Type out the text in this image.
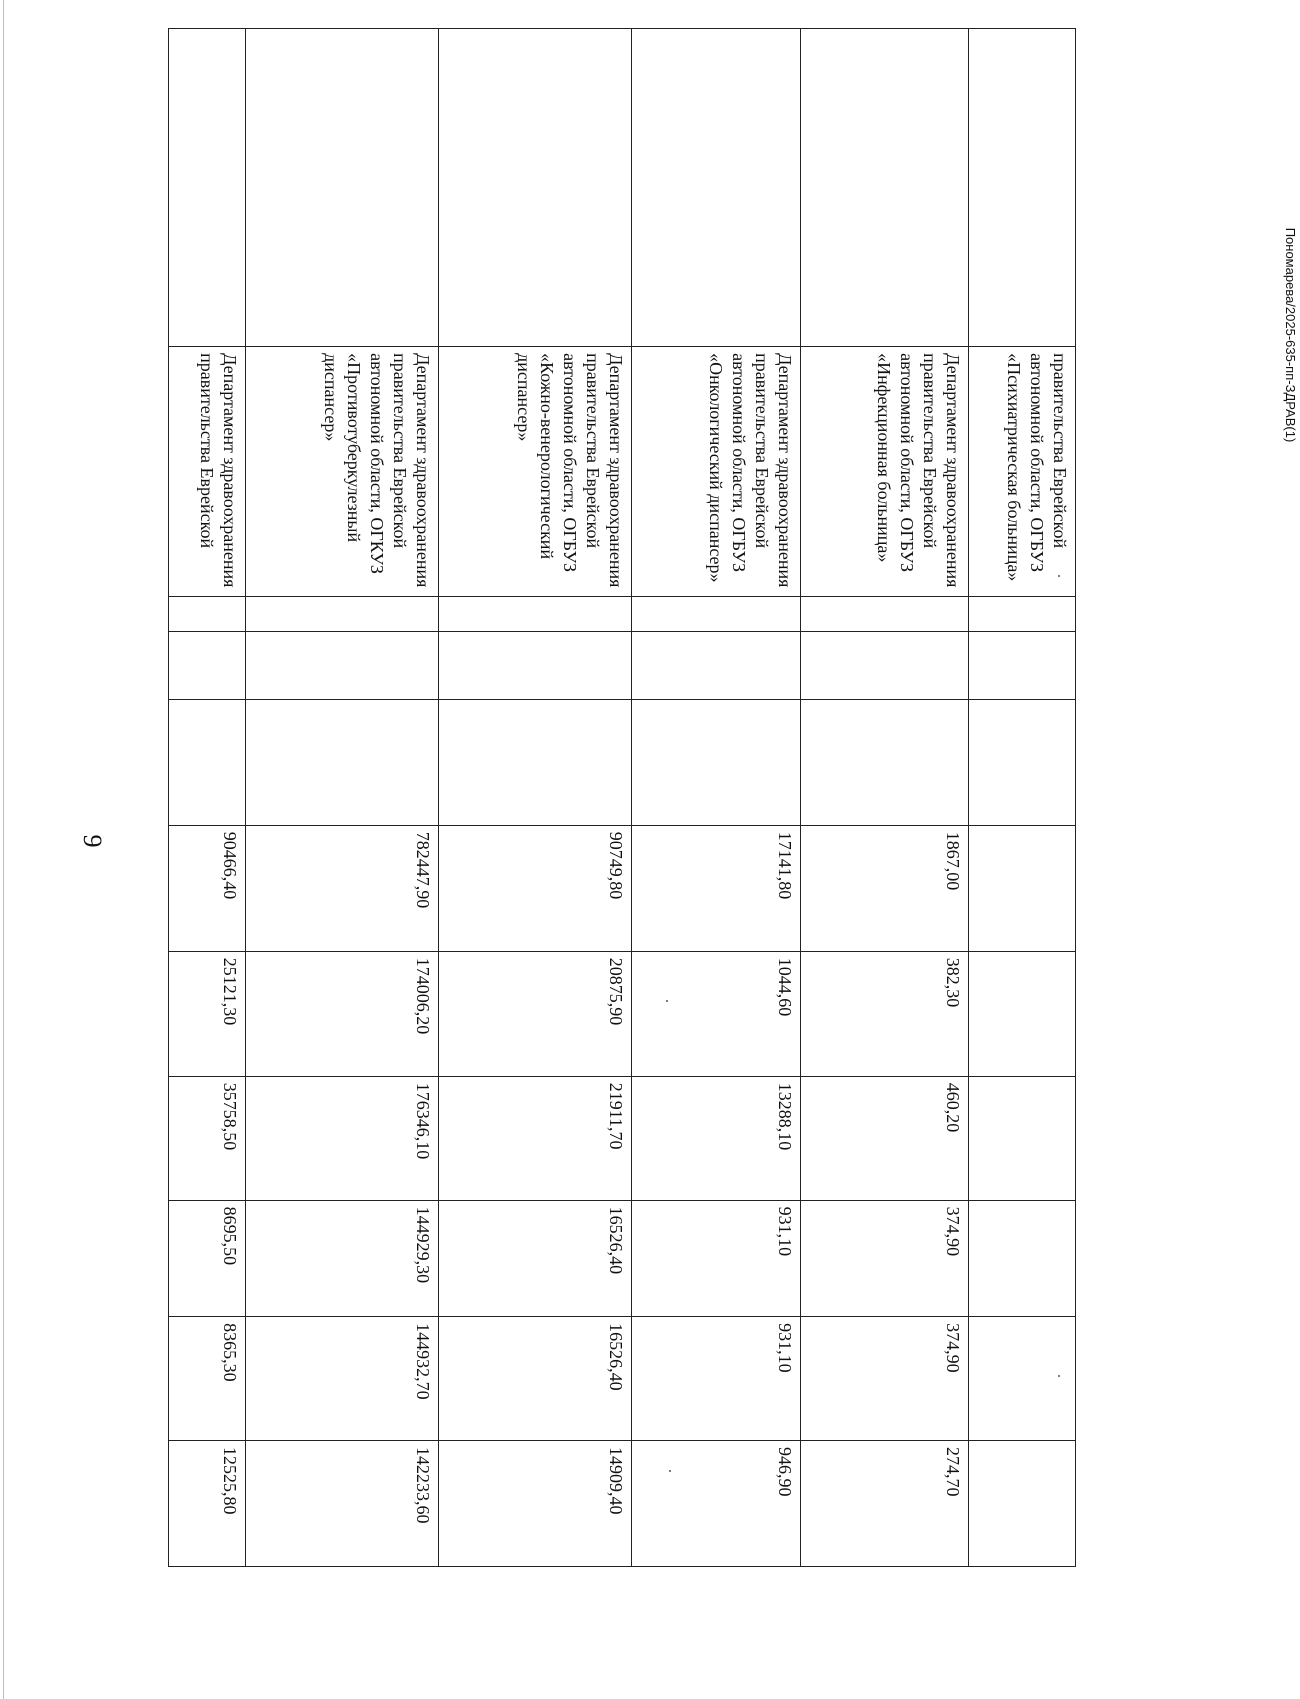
9
Пономарева/2025-635-пп-ЗДРАВ(1)
	правительства Еврейской автономной области, ОГБУЗ «Психиатрическая больница»									
	Департамент здравоохранения правительства Еврейской автономной области, ОГБУЗ «Инфекционная больница»				1867,00	382,30	460,20	374,90	374,90	274,70
	Департамент здравоохранения правительства Еврейской автономной области, ОГБУЗ «Онкологический диспансер»				17141,80	1044,60	13288,10	931,10	931,10	946,90
	Департамент здравоохранения правительства Еврейской автономной области, ОГБУЗ «Кожно-венерологический диспансер»				90749,80	20875,90	21911,70	16526,40	16526,40	14909,40
	Департамент здравоохранения правительства Еврейской автономной области, ОГКУЗ «Противотуберкулезный диспансер»				782447,90	174006,20	176346,10	144929,30	144932,70	142233,60
	Департамент здравоохранения правительства Еврейской				90466,40	25121,30	35758,50	8695,50	8365,30	12525,80
